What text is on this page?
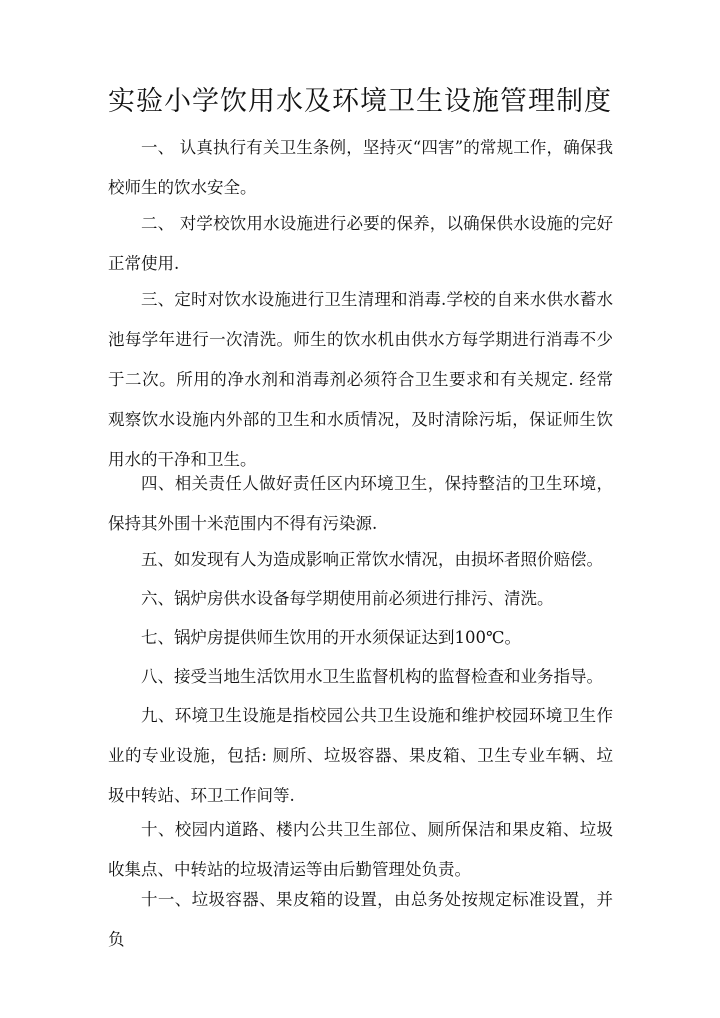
实验小学饮用水及环境卫生设施管理制度

一、 认真执行有关卫生条例，坚持灭“四害”的常规工作，确保我校师生的饮水安全。

二、 对学校饮用水设施进行必要的保养，以确保供水设施的完好正常使用.

三、定时对饮水设施进行卫生清理和消毒.学校的自来水供水蓄水池每学年进行一次清洗。师生的饮水机由供水方每学期进行消毒不少于二次。所用的净水剂和消毒剂必须符合卫生要求和有关规定. 经常观察饮水设施内外部的卫生和水质情况，及时清除污垢，保证师生饮用水的干净和卫生。

四、相关责任人做好责任区内环境卫生，保持整洁的卫生环境，保持其外围十米范围内不得有污染源.

五、如发现有人为造成影响正常饮水情况，由损坏者照价赔偿。

六、锅炉房供水设备每学期使用前必须进行排污、清洗。

七、锅炉房提供师生饮用的开水须保证达到100℃。

八、接受当地生活饮用水卫生监督机构的监督检查和业务指导。

九、环境卫生设施是指校园公共卫生设施和维护校园环境卫生作业的专业设施，包括: 厕所、垃圾容器、果皮箱、卫生专业车辆、垃圾中转站、环卫工作间等.

十、校园内道路、楼内公共卫生部位、厕所保洁和果皮箱、垃圾收集点、中转站的垃圾清运等由后勤管理处负责。

十一、垃圾容器、果皮箱的设置，由总务处按规定标准设置，并负
